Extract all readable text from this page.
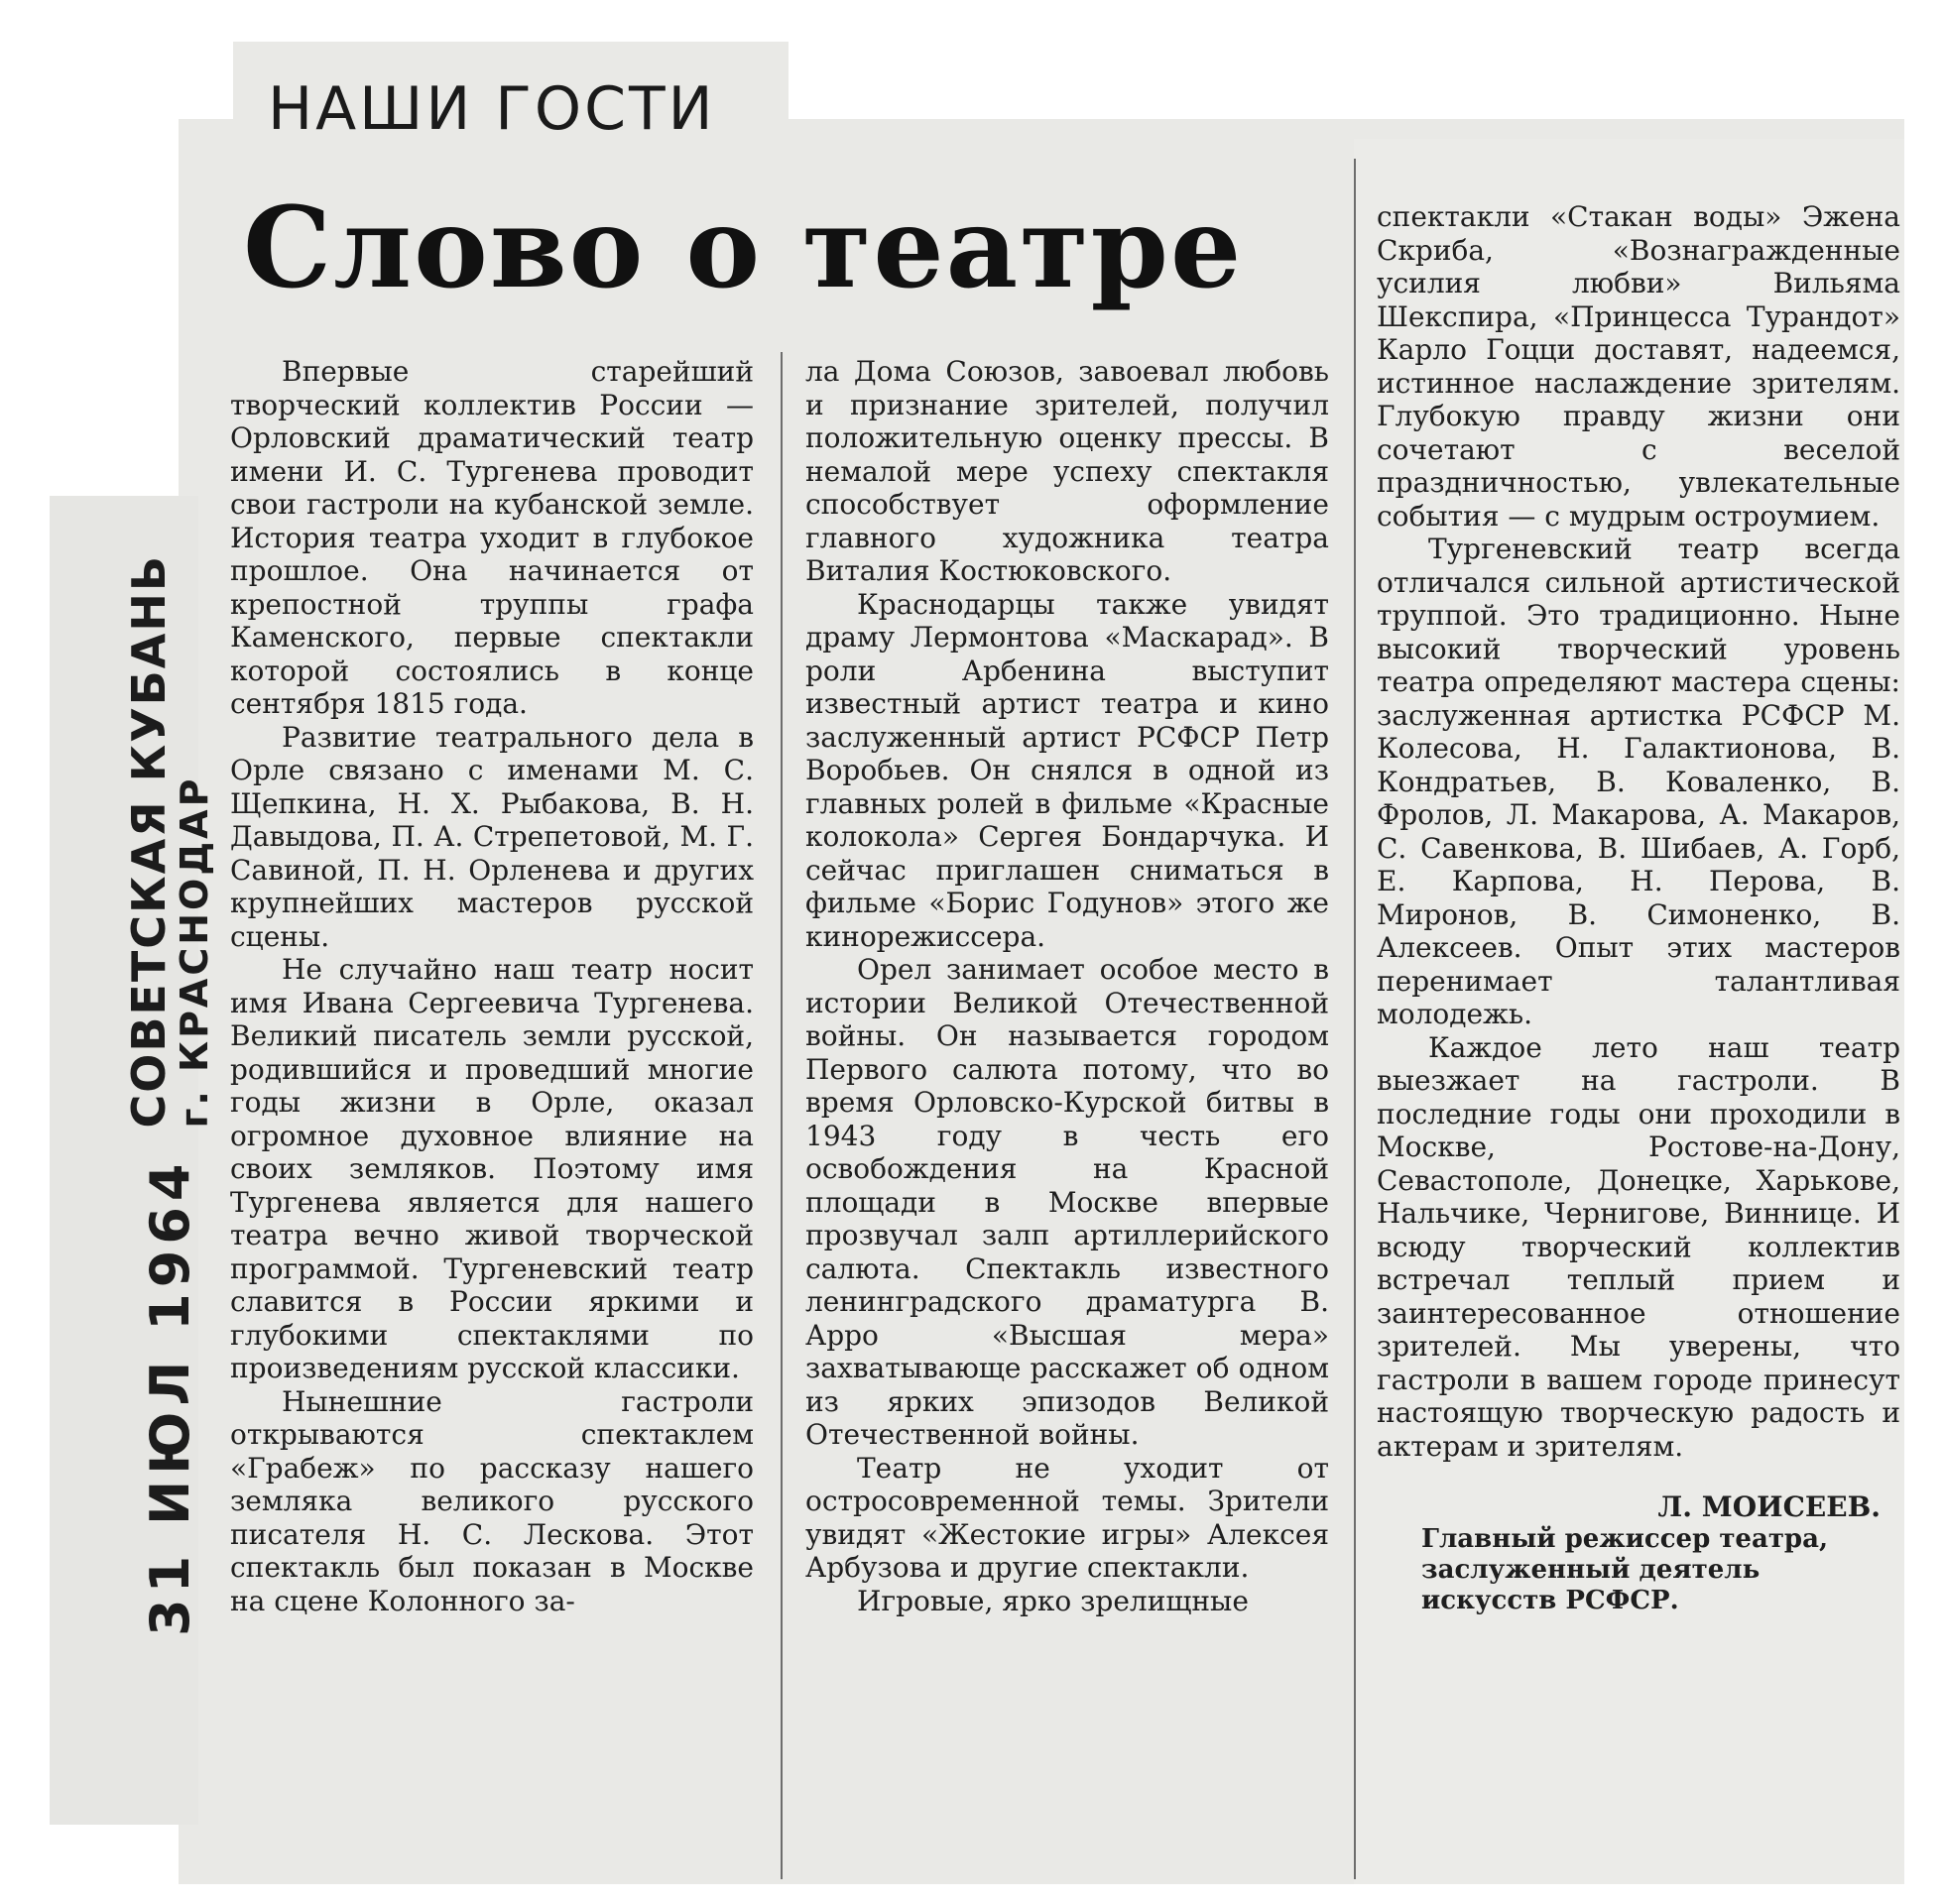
НАШИ ГОСТИ
Слово о театре

Впервые старейший творческий коллектив России — Орловский драматический театр имени И. С. Тургенева проводит свои гастроли на кубанской земле. История театра уходит в глубокое прошлое. Она начинается от крепостной труппы графа Каменского, первые спектакли которой состоялись в конце сентября 1815 года.

Развитие театрального дела в Орле связано с именами М. С. Щепкина, Н. Х. Рыбакова, В. Н. Давыдова, П. А. Стрепетовой, М. Г. Савиной, П. Н. Орленева и других крупнейших мастеров русской сцены.

Не случайно наш театр носит имя Ивана Сергеевича Тургенева. Великий писатель земли русской, родившийся и проведший многие годы жизни в Орле, оказал огромное духовное влияние на своих земляков. Поэтому имя Тургенева является для нашего театра вечно живой творческой программой. Тургеневский театр славится в России яркими и глубокими спектаклями по произведениям русской классики.

Нынешние гастроли открываются спектаклем «Грабеж» по рассказу нашего земляка великого русского писателя Н. С. Лескова. Этот спектакль был показан в Москве на сцене Колонного за-

ла Дома Союзов, завоевал любовь и признание зрителей, получил положительную оценку прессы. В немалой мере успеху спектакля способствует оформление главного художника театра Виталия Костюковского.

Краснодарцы также увидят драму Лермонтова «Маскарад». В роли Арбенина выступит известный артист театра и кино заслуженный артист РСФСР Петр Воробьев. Он снялся в одной из главных ролей в фильме «Красные колокола» Сергея Бондарчука. И сейчас приглашен сниматься в фильме «Борис Годунов» этого же кинорежиссера.

Орел занимает особое место в истории Великой Отечественной войны. Он называется городом Первого салюта потому, что во время Орловско-Курской битвы в 1943 году в честь его освобождения на Красной площади в Москве впервые прозвучал залп артиллерийского салюта. Спектакль известного ленинградского драматурга В. Арро «Высшая мера» захватывающе расскажет об одном из ярких эпизодов Великой Отечественной войны.

Театр не уходит от остросовременной темы. Зрители увидят «Жестокие игры» Алексея Арбузова и другие спектакли.

Игровые, ярко зрелищные

спектакли «Стакан воды» Эжена Скриба, «Вознагражденные усилия любви» Вильяма Шекспира, «Принцесса Турандот» Карло Гоцци доставят, надеемся, истинное наслаждение зрителям. Глубокую правду жизни они сочетают с веселой праздничностью, увлекательные события — с мудрым остроумием.

Тургеневский театр всегда отличался сильной артистической труппой. Это традиционно. Ныне высокий творческий уровень театра определяют мастера сцены: заслуженная артистка РСФСР М. Колесова, Н. Галактионова, В. Кондратьев, В. Коваленко, В. Фролов, Л. Макарова, А. Макаров, С. Савенкова, В. Шибаев, А. Горб, Е. Карпова, Н. Перова, В. Миронов, В. Симоненко, В. Алексеев. Опыт этих мастеров перенимает талантливая молодежь.

Каждое лето наш театр выезжает на гастроли. В последние годы они проходили в Москве, Ростове-на-Дону, Севастополе, Донецке, Харькове, Нальчике, Чернигове, Виннице. И всюду творческий коллектив встречал теплый прием и заинтересованное отношение зрителей. Мы уверены, что гастроли в вашем городе принесут настоящую творческую радость и актерам и зрителям.

Л. МОИСЕЕВ.
Главный режиссер театра, заслуженный деятель искусств РСФСР.
31 ИЮЛ 1964
СОВЕТСКАЯ КУБАНЬ
г. КРАСНОДАР
